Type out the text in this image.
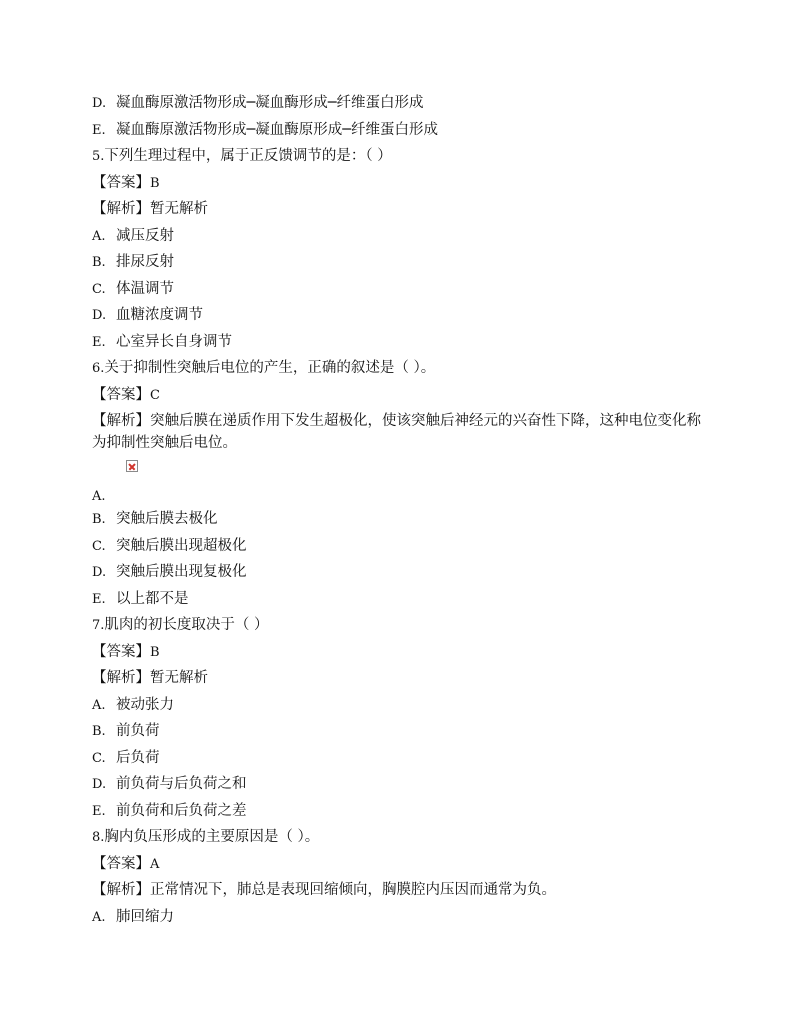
D. 凝血酶原激活物形成─凝血酶形成─纤维蛋白形成
E. 凝血酶原激活物形成─凝血酶原形成─纤维蛋白形成
5.下列生理过程中，属于正反馈调节的是：（ ）
【答案】B
【解析】暂无解析
A. 减压反射
B. 排尿反射
C. 体温调节
D. 血糖浓度调节
E. 心室异长自身调节
6.关于抑制性突触后电位的产生，正确的叙述是（ ）。
【答案】C
【解析】突触后膜在递质作用下发生超极化，使该突触后神经元的兴奋性下降，这种电位变化称为抑制性突触后电位。
A.
B. 突触后膜去极化
C. 突触后膜出现超极化
D. 突触后膜出现复极化
E. 以上都不是
7.肌肉的初长度取决于（ ）
【答案】B
【解析】暂无解析
A. 被动张力
B. 前负荷
C. 后负荷
D. 前负荷与后负荷之和
E. 前负荷和后负荷之差
8.胸内负压形成的主要原因是（ ）。
【答案】A
【解析】正常情况下，肺总是表现回缩倾向，胸膜腔内压因而通常为负。
A. 肺回缩力
